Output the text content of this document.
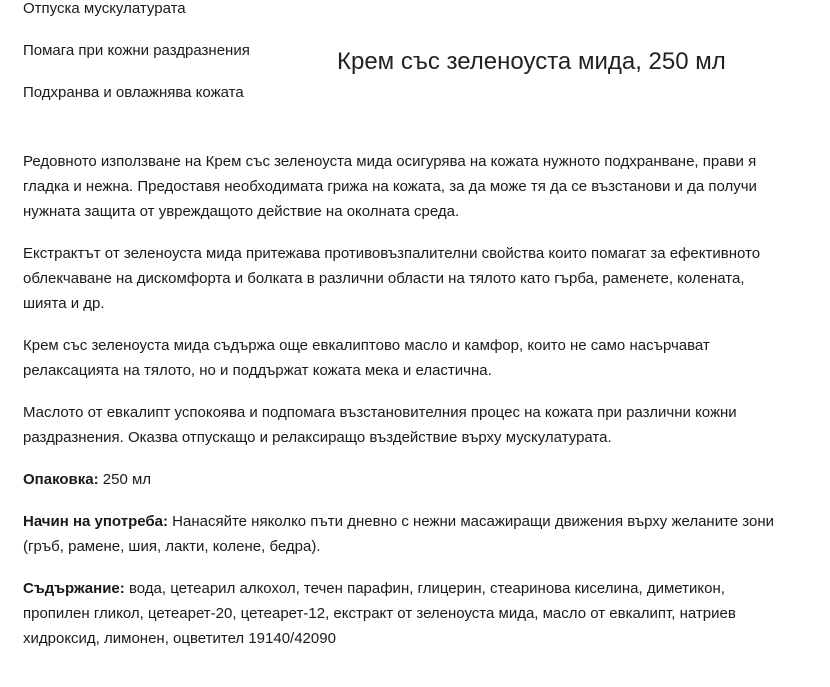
Отпуска мускулатурата
Помага при кожни раздразнения
Подхранва и овлажнява кожата
Крем със зеленоуста мида, 250 мл

Редовното използване на Крем със зеленоуста мида осигурява на кожата нужното подхранване, прави я гладка и нежна. Предоставя необходимата грижа на кожата, за да може тя да се възстанови и да получи нужната защита от увреждащото действие на околната среда.

Екстрактът от зеленоуста мида притежава противовъзпалителни свойства които помагат за ефективното облекчаване на дискомфорта и болката в различни области на тялото като гърба, раменете, колената, шията и др.

Крем със зеленоуста мида съдържа още евкалиптово масло и камфор, които не само насърчават релаксацията на тялото, но и поддържат кожата мека и еластична.

Маслото от евкалипт успокоява и подпомага възстановителния процес на кожата при различни кожни раздразнения. Оказва отпускащо и релаксиращо въздействие върху мускулатурата.

Опаковка: 250 мл

Начин на употреба: Нанасяйте няколко пъти дневно с нежни масажиращи движения върху желаните зони (гръб, рамене, шия, лакти, колене, бедра).

Съдържание: вода, цетеарил алкохол, течен парафин, глицерин, стеаринова киселина, диметикон, пропилен гликол, цетеарет-20, цетеарет-12, екстракт от зеленоуста мида, масло от евкалипт, натриев хидроксид, лимонен, оцветител 19140/42090
